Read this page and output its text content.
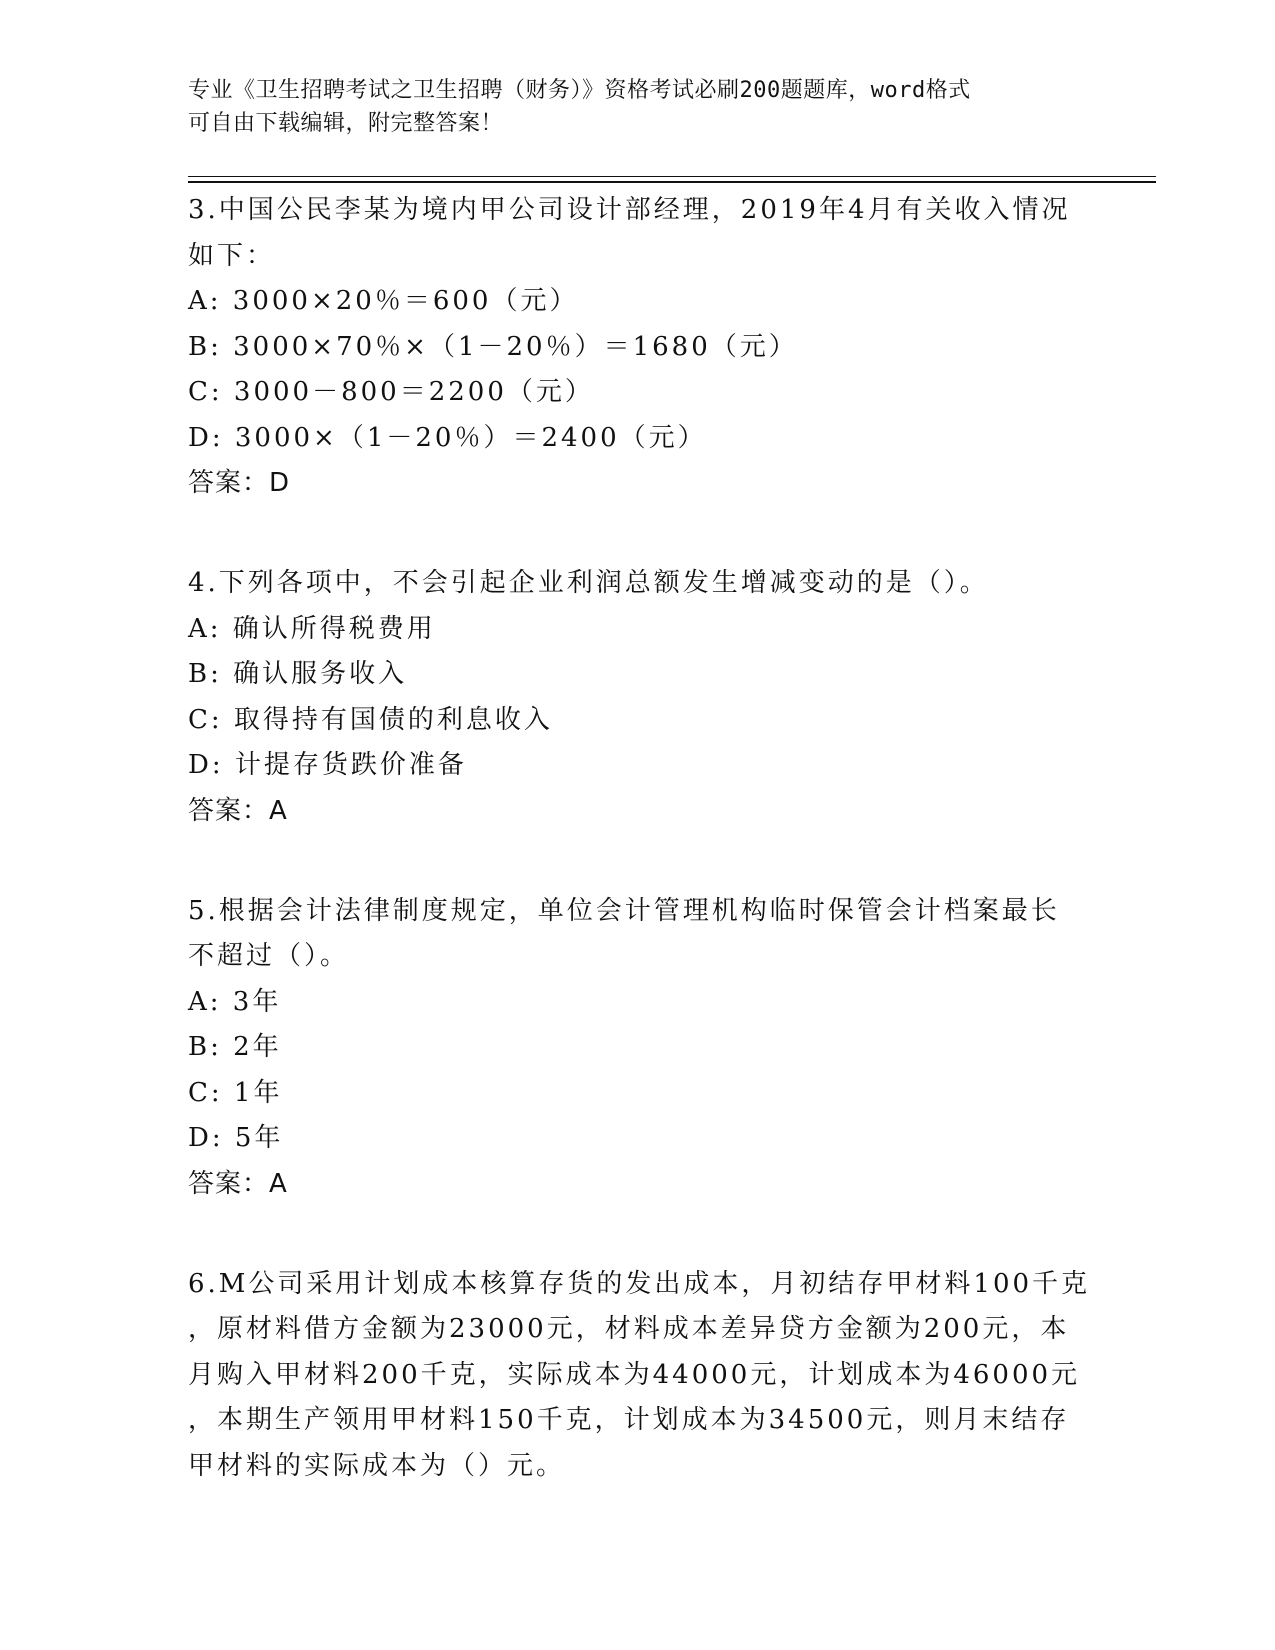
专业《卫生招聘考试之卫生招聘（财务）》资格考试必刷200题题库，word格式
可自由下载编辑，附完整答案！
3.中国公民李某为境内甲公司设计部经理，2019年4月有关收入情况
如下：
A: 3000×20％＝600（元）
B: 3000×70％×（1－20％）＝1680（元）
C: 3000－800＝2200（元）
D: 3000×（1－20％）＝2400（元）
答案：D
4.下列各项中，不会引起企业利润总额发生增减变动的是（）。
A: 确认所得税费用
B: 确认服务收入
C: 取得持有国债的利息收入
D: 计提存货跌价准备
答案：A
5.根据会计法律制度规定，单位会计管理机构临时保管会计档案最长
不超过（）。
A: 3年
B: 2年
C: 1年
D: 5年
答案：A
6.M公司采用计划成本核算存货的发出成本，月初结存甲材料100千克
，原材料借方金额为23000元，材料成本差异贷方金额为200元，本
月购入甲材料200千克，实际成本为44000元，计划成本为46000元
，本期生产领用甲材料150千克，计划成本为34500元，则月末结存
甲材料的实际成本为（）元。
